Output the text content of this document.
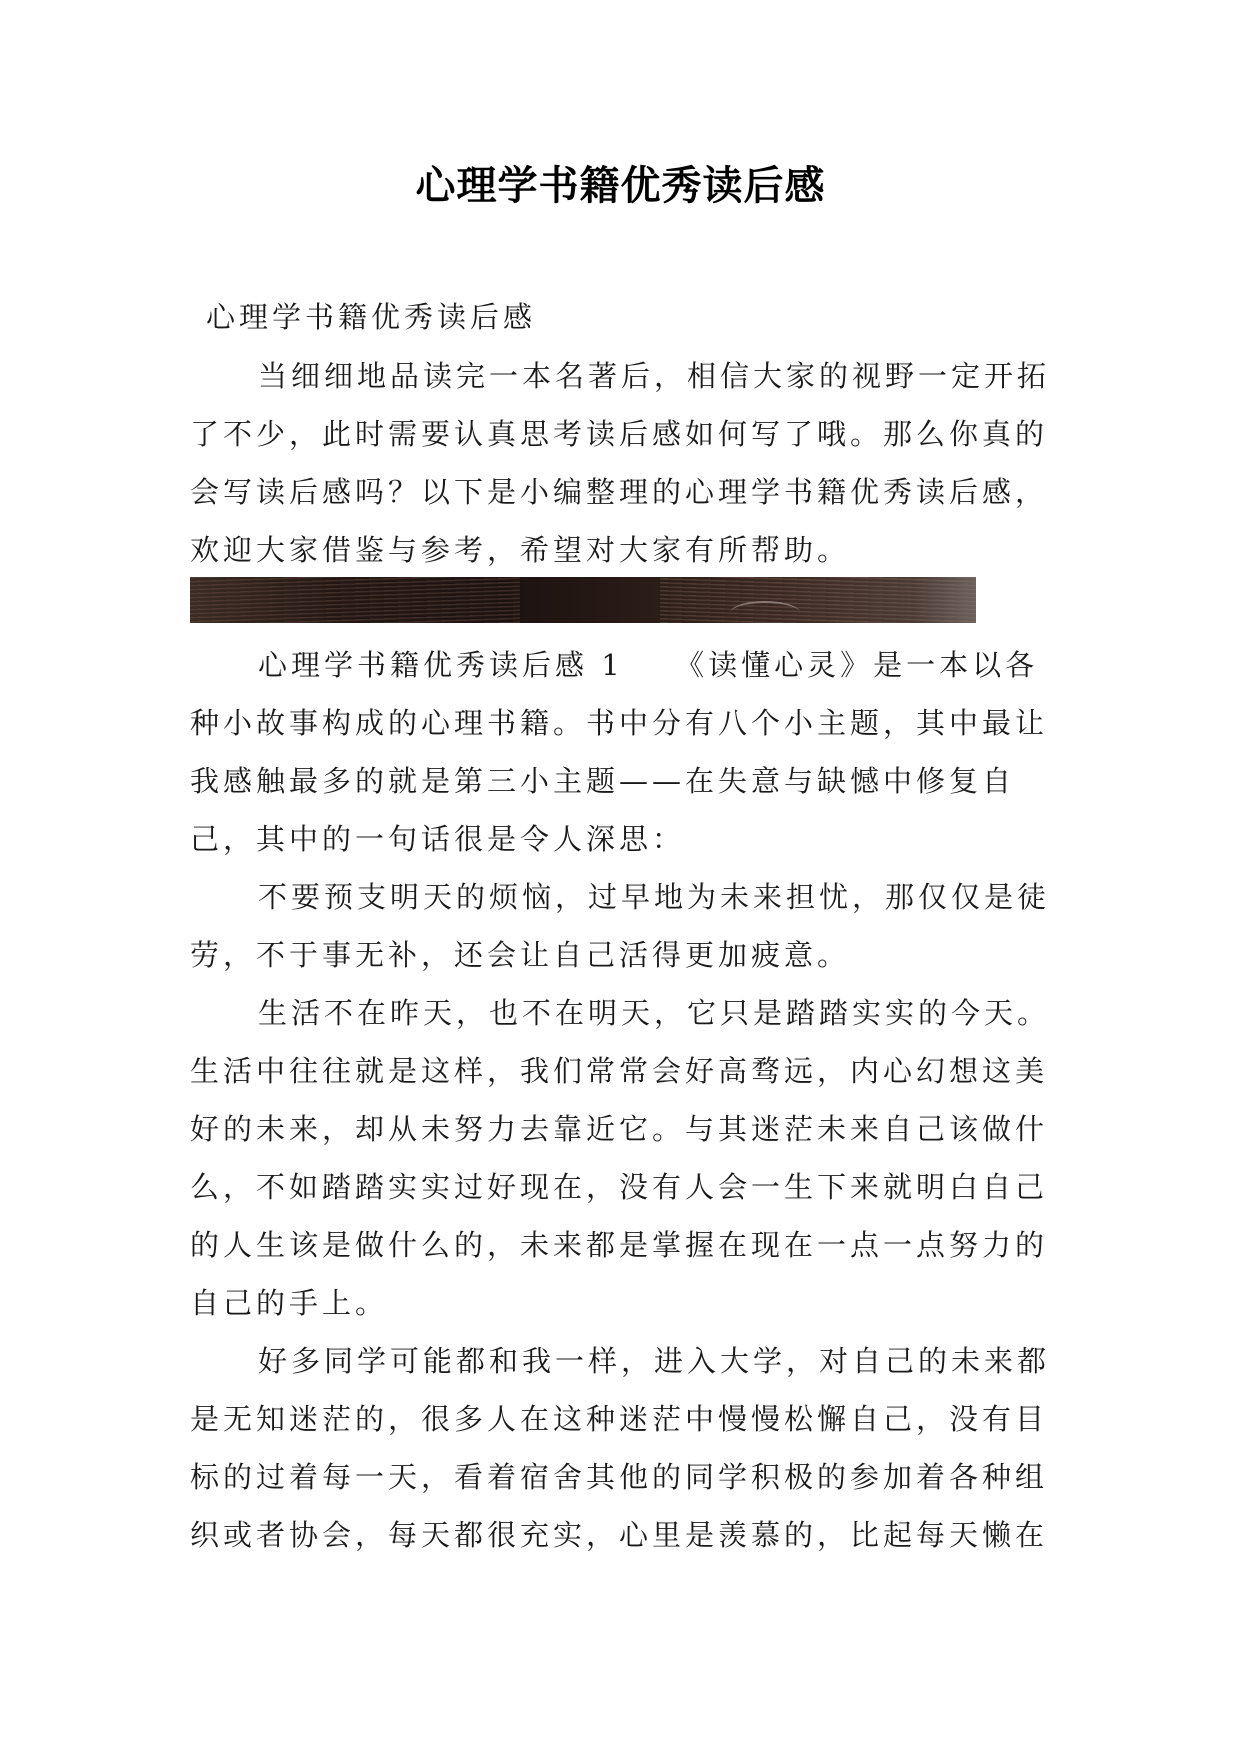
心理学书籍优秀读后感

心理学书籍优秀读后感

当细细地品读完一本名著后，相信大家的视野一定开拓
了不少，此时需要认真思考读后感如何写了哦。那么你真的
会写读后感吗？以下是小编整理的心理学书籍优秀读后感，
欢迎大家借鉴与参考，希望对大家有所帮助。
心理学书籍优秀读后感 1　　《读懂心灵》是一本以各
种小故事构成的心理书籍。书中分有八个小主题，其中最让
我感触最多的就是第三小主题——在失意与缺憾中修复自
己，其中的一句话很是令人深思：
不要预支明天的烦恼，过早地为未来担忧，那仅仅是徒
劳，不于事无补，还会让自己活得更加疲意。
生活不在昨天，也不在明天，它只是踏踏实实的今天。
生活中往往就是这样，我们常常会好高骛远，内心幻想这美
好的未来，却从未努力去靠近它。与其迷茫未来自己该做什
么，不如踏踏实实过好现在，没有人会一生下来就明白自己
的人生该是做什么的，未来都是掌握在现在一点一点努力的
自己的手上。
好多同学可能都和我一样，进入大学，对自己的未来都
是无知迷茫的，很多人在这种迷茫中慢慢松懈自己，没有目
标的过着每一天，看着宿舍其他的同学积极的参加着各种组
织或者协会，每天都很充实，心里是羡慕的，比起每天懒在
